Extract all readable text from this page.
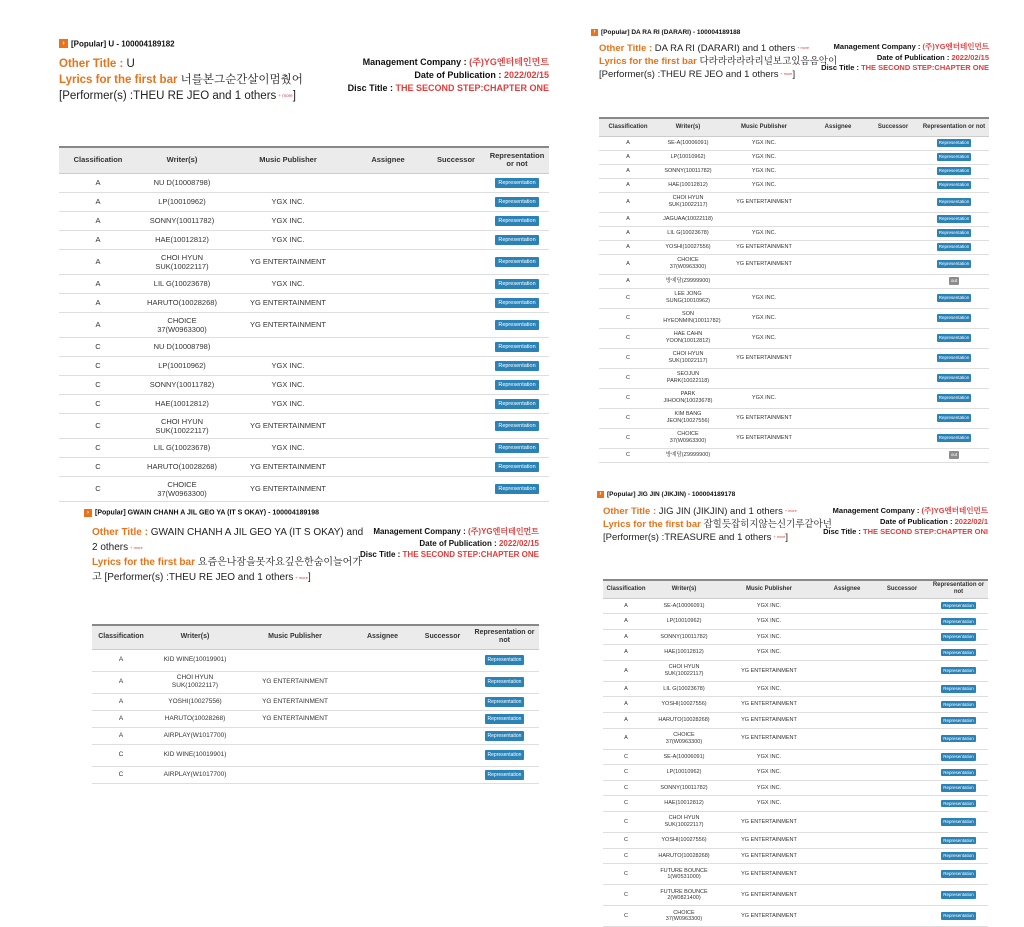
› [Popular] U - 100004189182
Other Title : U
Lyrics for the first bar 너를본그순간살이멈췄어
[Performer(s) :THEU RE JEO and 1 others + more]
Management Company : (주)YG엔터테인먼트
Date of Publication : 2022/02/15
Disc Title : THE SECOND STEP:CHAPTER ONE
Classification	Writer(s)	Music Publisher	Assignee	Successor	Representation or not
A	NU D(10008798)				Representation
A	LP(10010962)	YGX INC.			Representation
A	SONNY(10011782)	YGX INC.			Representation
A	HAE(10012812)	YGX INC.			Representation
A	CHOI HYUN SUK(10022117)	YG ENTERTAINMENT			Representation
A	LIL G(10023678)	YGX INC.			Representation
A	HARUTO(10028268)	YG ENTERTAINMENT			Representation
A	CHOICE 37(W0963300)	YG ENTERTAINMENT			Representation
C	NU D(10008798)				Representation
C	LP(10010962)	YGX INC.			Representation
C	SONNY(10011782)	YGX INC.			Representation
C	HAE(10012812)	YGX INC.			Representation
C	CHOI HYUN SUK(10022117)	YG ENTERTAINMENT			Representation
C	LIL G(10023678)	YGX INC.			Representation
C	HARUTO(10028268)	YG ENTERTAINMENT			Representation
C	CHOICE 37(W0963300)	YG ENTERTAINMENT			Representation
› [Popular] DA RA RI (DARARI) - 100004189188
Other Title : DA RA RI (DARARI) and 1 others + more
Lyrics for the first bar 다라라라라라리널보고있음음악이
[Performer(s) :THEU RE JEO and 1 others + more]
Management Company : (주)YG엔터테인먼트
Date of Publication : 2022/02/15
Disc Title : THE SECOND STEP:CHAPTER ONE
Classification	Writer(s)	Music Publisher	Assignee	Successor	Representation or not
A	SE-A(10006091)	YGX INC.			Representation
A	LP(10010962)	YGX INC.			Representation
A	SONNY(10011782)	YGX INC.			Representation
A	HAE(10012812)	YGX INC.			Representation
A	CHOI HYUN SUK(10022117)	YG ENTERTAINMENT			Representation
A	JAGUAA(10022118)				Representation
A	LIL G(10023678)	YGX INC.			Representation
A	YOSHI(10027556)	YG ENTERTAINMENT			Representation
A	CHOICE 37(W0963300)	YG ENTERTAINMENT			Representation
A	방예담(Z9999900)				out
C	LEE JONG SUNG(10010962)	YGX INC.			Representation
C	SON HYEONMIN(10011782)	YGX INC.			Representation
C	HAE CAHN YOON(10012812)	YGX INC.			Representation
C	CHOI HYUN SUK(10022117)	YG ENTERTAINMENT			Representation
C	SEOJUN PARK(10022118)				Representation
C	PARK JIHOON(10023678)	YGX INC.			Representation
C	KIM BANG JEON(10027556)	YG ENTERTAINMENT			Representation
C	CHOICE 37(W0963300)	YG ENTERTAINMENT			Representation
C	방예담(Z9999900)				out
› [Popular] GWAIN CHANH A JIL GEO YA (IT S OKAY) - 100004189198
Other Title : GWAIN CHANH A JIL GEO YA (IT S OKAY) and 2 others + more
Lyrics for the first bar 요즘은나잠을못자요깊은한숨이늘어가고 [Performer(s) :THEU RE JEO and 1 others + more]
Management Company : (주)YG엔터테인먼트
Date of Publication : 2022/02/15
Disc Title : THE SECOND STEP:CHAPTER ONE
Classification	Writer(s)	Music Publisher	Assignee	Successor	Representation or not
A	KID WINE(10019901)				Representation
A	CHOI HYUN SUK(10022117)	YG ENTERTAINMENT			Representation
A	YOSHI(10027556)	YG ENTERTAINMENT			Representation
A	HARUTO(10028268)	YG ENTERTAINMENT			Representation
A	AIRPLAY(W1017700)				Representation
C	KID WINE(10019901)				Representation
C	AIRPLAY(W1017700)				Representation
› [Popular] JIG JIN (JIKJIN) - 100004189178
Other Title : JIG JIN (JIKJIN) and 1 others + more
Lyrics for the first bar 잡힐듯잡히지않는신기루같아넌
[Performer(s) :TREASURE and 1 others + more]
Management Company : (주)YG엔터테인먼트
Date of Publication : 2022/02/1
Disc Title : THE SECOND STEP:CHAPTER ONI
Classification	Writer(s)	Music Publisher	Assignee	Successor	Representation or not
A	SE-A(10006091)	YGX INC.			Representation
A	LP(10010962)	YGX INC.			Representation
A	SONNY(10011782)	YGX INC.			Representation
A	HAE(10012812)	YGX INC.			Representation
A	CHOI HYUN SUK(10022117)	YG ENTERTAINMENT			Representation
A	LIL G(10023678)	YGX INC.			Representation
A	YOSHI(10027556)	YG ENTERTAINMENT			Representation
A	HARUTO(10028268)	YG ENTERTAINMENT			Representation
A	CHOICE 37(W0963300)	YG ENTERTAINMENT			Representation
C	SE-A(10006091)	YGX INC.			Representation
C	LP(10010962)	YGX INC.			Representation
C	SONNY(10011782)	YGX INC.			Representation
C	HAE(10012812)	YGX INC.			Representation
C	CHOI HYUN SUK(10022117)	YG ENTERTAINMENT			Representation
C	YOSHI(10027556)	YG ENTERTAINMENT			Representation
C	HARUTO(10028268)	YG ENTERTAINMENT			Representation
C	FUTURE BOUNCE 1(W0531000)	YG ENTERTAINMENT			Representation
C	FUTURE BOUNCE 2(W0821400)	YG ENTERTAINMENT			Representation
C	CHOICE 37(W0963300)	YG ENTERTAINMENT			Representation
